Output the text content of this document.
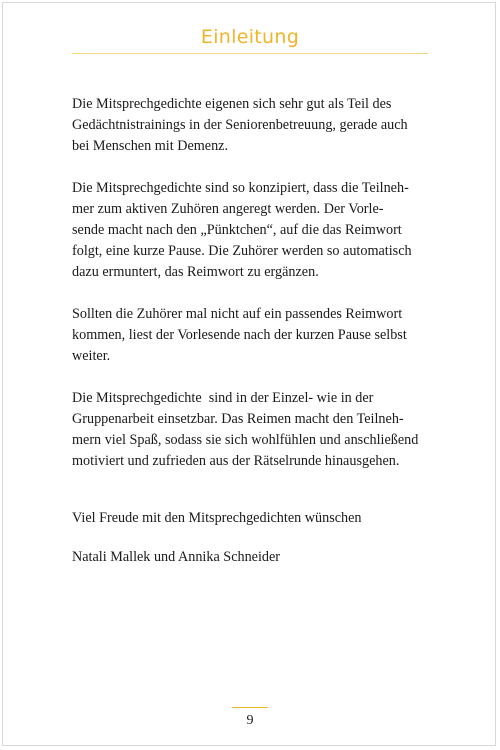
Einleitung
Die Mitsprechgedichte eigenen sich sehr gut als Teil des
Gedächtnistrainings in der Seniorenbetreuung, gerade auch
bei Menschen mit Demenz.
Die Mitsprechgedichte sind so konzipiert, dass die Teilneh-
mer zum aktiven Zuhören angeregt werden. Der Vorle-
sende macht nach den „Pünktchen“, auf die das Reimwort
folgt, eine kurze Pause. Die Zuhörer werden so automatisch
dazu ermuntert, das Reimwort zu ergänzen.
Sollten die Zuhörer mal nicht auf ein passendes Reimwort
kommen, liest der Vorlesende nach der kurzen Pause selbst
weiter.
Die Mitsprechgedichte  sind in der Einzel- wie in der
Gruppenarbeit einsetzbar. Das Reimen macht den Teilneh-
mern viel Spaß, sodass sie sich wohlfühlen und anschließend
motiviert und zufrieden aus der Rätselrunde hinausgehen.
Viel Freude mit den Mitsprechgedichten wünschen
Natali Mallek und Annika Schneider
9
